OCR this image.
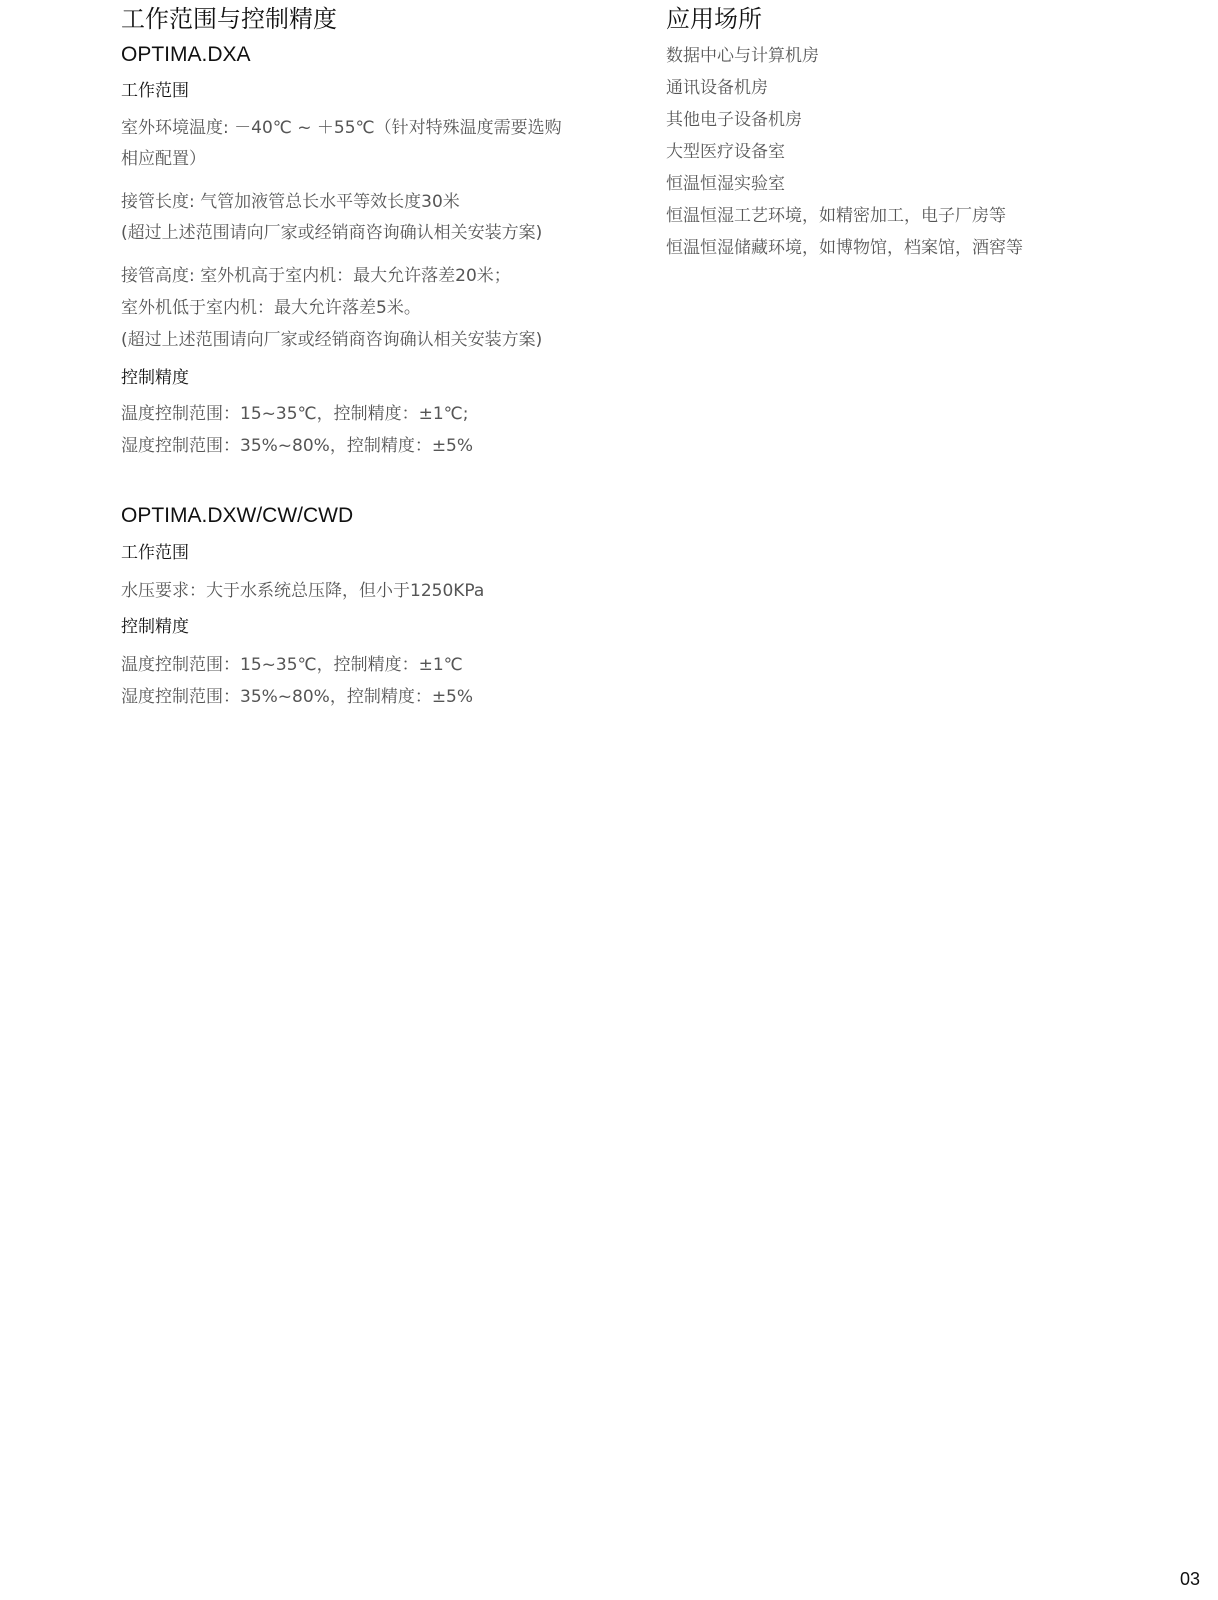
工作范围与控制精度
OPTIMA.DXA
工作范围

室外环境温度: －40℃ ~ ＋55℃（针对特殊温度需要选购

相应配置）

接管长度: 气管加液管总长水平等效长度30米

(超过上述范围请向厂家或经销商咨询确认相关安装方案)

接管高度: 室外机高于室内机：最大允许落差20米；

室外机低于室内机：最大允许落差5米。

(超过上述范围请向厂家或经销商咨询确认相关安装方案)

控制精度

温度控制范围：15~35℃，控制精度：±1℃;

湿度控制范围：35%~80%，控制精度：±5%

OPTIMA.DXW/CW/CWD
工作范围

水压要求：大于水系统总压降，但小于1250KPa

控制精度

温度控制范围：15~35℃，控制精度：±1℃

湿度控制范围：35%~80%，控制精度：±5%

应用场所
数据中心与计算机房
通讯设备机房
其他电子设备机房
大型医疗设备室
恒温恒湿实验室
恒温恒湿工艺环境，如精密加工，电子厂房等
恒温恒湿储藏环境，如博物馆，档案馆，酒窖等
03
